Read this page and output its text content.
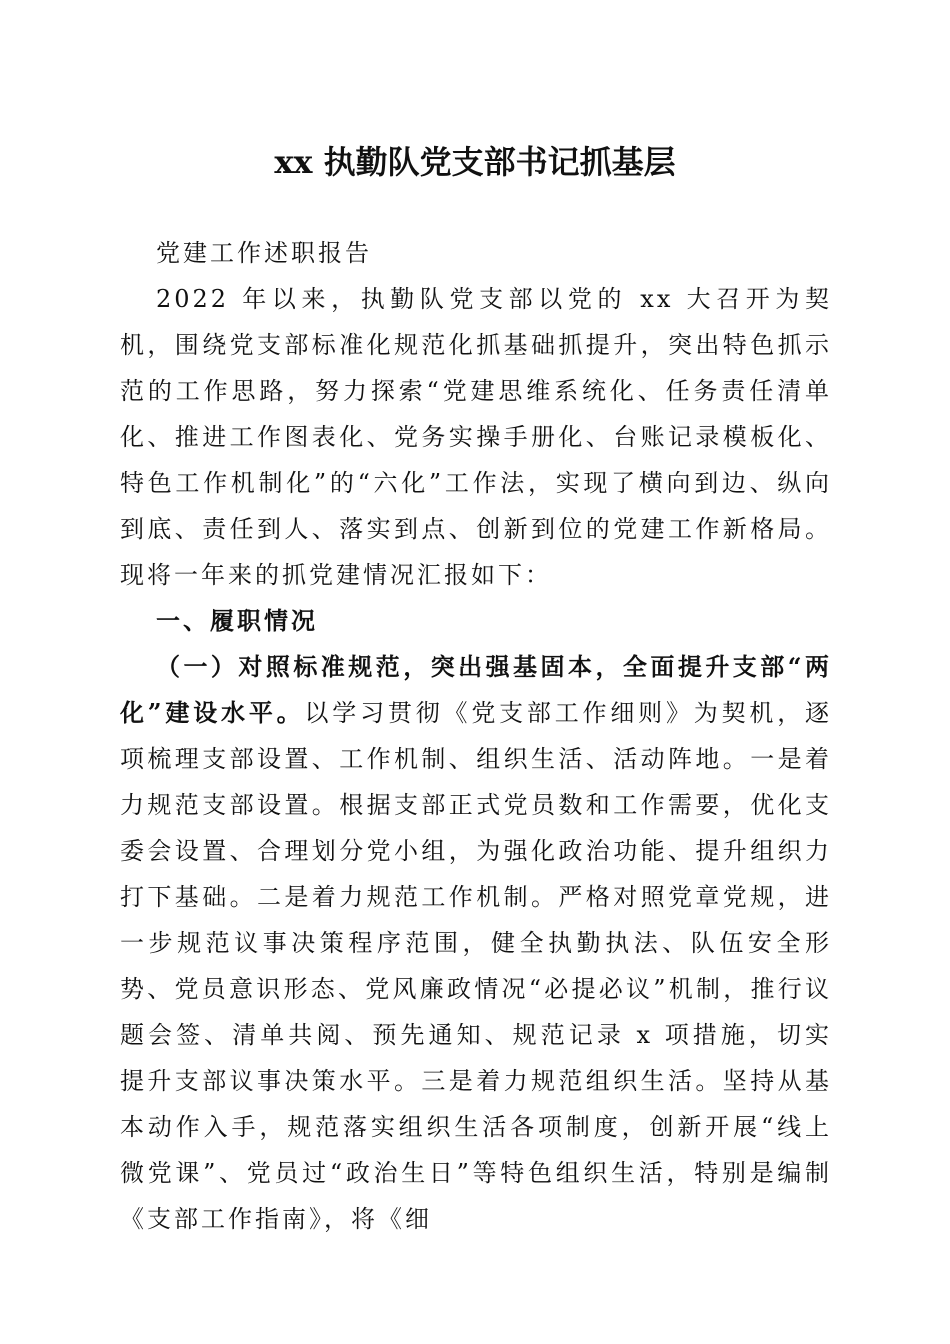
xx 执勤队党支部书记抓基层

党建工作述职报告

2022 年以来，执勤队党支部以党的 xx 大召开为契机，围绕党支部标准化规范化抓基础抓提升，突出特色抓示范的工作思路，努力探索“党建思维系统化、任务责任清单化、推进工作图表化、党务实操手册化、台账记录模板化、特色工作机制化”的“六化”工作法，实现了横向到边、纵向到底、责任到人、落实到点、创新到位的党建工作新格局。现将一年来的抓党建情况汇报如下：

一、履职情况

（一）对照标准规范，突出强基固本，全面提升支部“两化”建设水平。以学习贯彻《党支部工作细则》为契机，逐项梳理支部设置、工作机制、组织生活、活动阵地。一是着力规范支部设置。根据支部正式党员数和工作需要，优化支委会设置、合理划分党小组，为强化政治功能、提升组织力打下基础。二是着力规范工作机制。严格对照党章党规，进一步规范议事决策程序范围，健全执勤执法、队伍安全形势、党员意识形态、党风廉政情况“必提必议”机制，推行议题会签、清单共阅、预先通知、规范记录 x 项措施，切实提升支部议事决策水平。三是着力规范组织生活。坚持从基本动作入手，规范落实组织生活各项制度，创新开展“线上微党课”、党员过“政治生日”等特色组织生活，特别是编制《支部工作指南》，将《细
